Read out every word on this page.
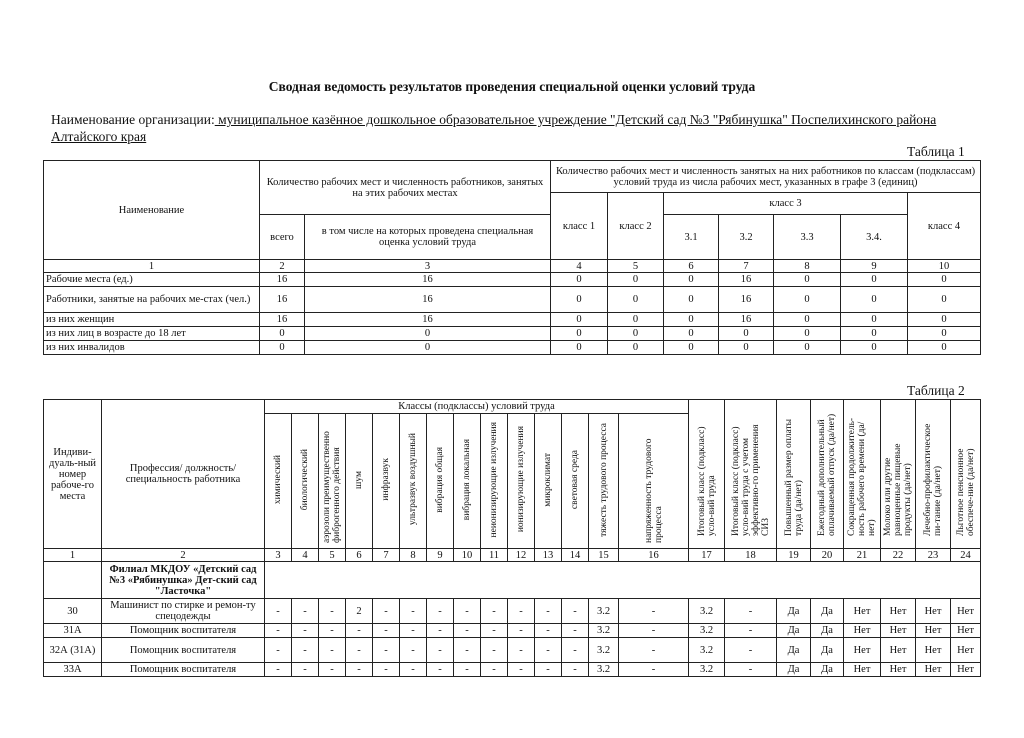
Сводная ведомость результатов проведения специальной оценки условий труда
Наименование организации: муниципальное казённое дошкольное образовательное учреждение "Детский сад №3 "Рябинушка" Поспелихинского района Алтайского края
Таблица 1
Наименование	Количество рабочих мест и численность работников, занятых на этих рабочих местах		Количество рабочих мест и численность занятых на них работников по классам (подклассам) условий труда из числа рабочих мест, указанных в графе 3 (единиц)						
			класс 1	класс 2	класс 3				класс 4
	всего	в том числе на которых проведена специальная оценка условий труда			3.1	3.2	3.3	3.4.	
1	2	3	4	5	6	7	8	9	10
Рабочие места (ед.)	16	16	0	0	0	16	0	0	0
Работники, занятые на рабочих ме-стах (чел.)	16	16	0	0	0	16	0	0	0
из них женщин	16	16	0	0	0	16	0	0	0
из них лиц в возрасте до 18 лет	0	0	0	0	0	0	0	0	0
из них инвалидов	0	0	0	0	0	0	0	0	0
Таблица 2
Индиви-дуаль-ный номер рабоче-го места	Профессия/ должность/ специальность работника	Классы (подклассы) условий труда														Итоговый класс (подкласс) усло-вий труда	Итоговый класс (подкласс) усло-вий труда с учетом эффективно-го применения СИЗ	Повышенный размер оплаты труда (да/нет)	Ежегодный дополнительный оплачиваемый отпуск (да/нет)	Сокращенная продолжитель-ность рабочего времени (да/нет)	Молоко или другие равноценные пищевые продукты (да/нет)	Лечебно-профилактическое пи-тание (да/нет)	Льготное пенсионное обеспече-ние (да/нет)
		химический	биологический	аэрозоли преимущественно фиброгенного действия	шум	инфразвук	ультразвук воздушный	вибрация общая	вибрация локальная	неионизирующие излучения	ионизирующие излучения	микроклимат	световая среда	тяжесть трудового процесса	напряженность трудового процесса								
1	2	3	4	5	6	7	8	9	10	11	12	13	14	15	16	17	18	19	20	21	22	23	24
	Филиал МКДОУ «Детский сад №3 «Рябинушка» Дет-ский сад "Ласточка"																						
30	Машинист по стирке и ремон-ту спецодежды	-	-	-	2	-	-	-	-	-	-	-	-	3.2	-	3.2	-	Да	Да	Нет	Нет	Нет	Нет
31А	Помощник воспитателя	-	-	-	-	-	-	-	-	-	-	-	-	3.2	-	3.2	-	Да	Да	Нет	Нет	Нет	Нет
32А (31А)	Помощник воспитателя	-	-	-	-	-	-	-	-	-	-	-	-	3.2	-	3.2	-	Да	Да	Нет	Нет	Нет	Нет
33А	Помощник воспитателя	-	-	-	-	-	-	-	-	-	-	-	-	3.2	-	3.2	-	Да	Да	Нет	Нет	Нет	Нет
